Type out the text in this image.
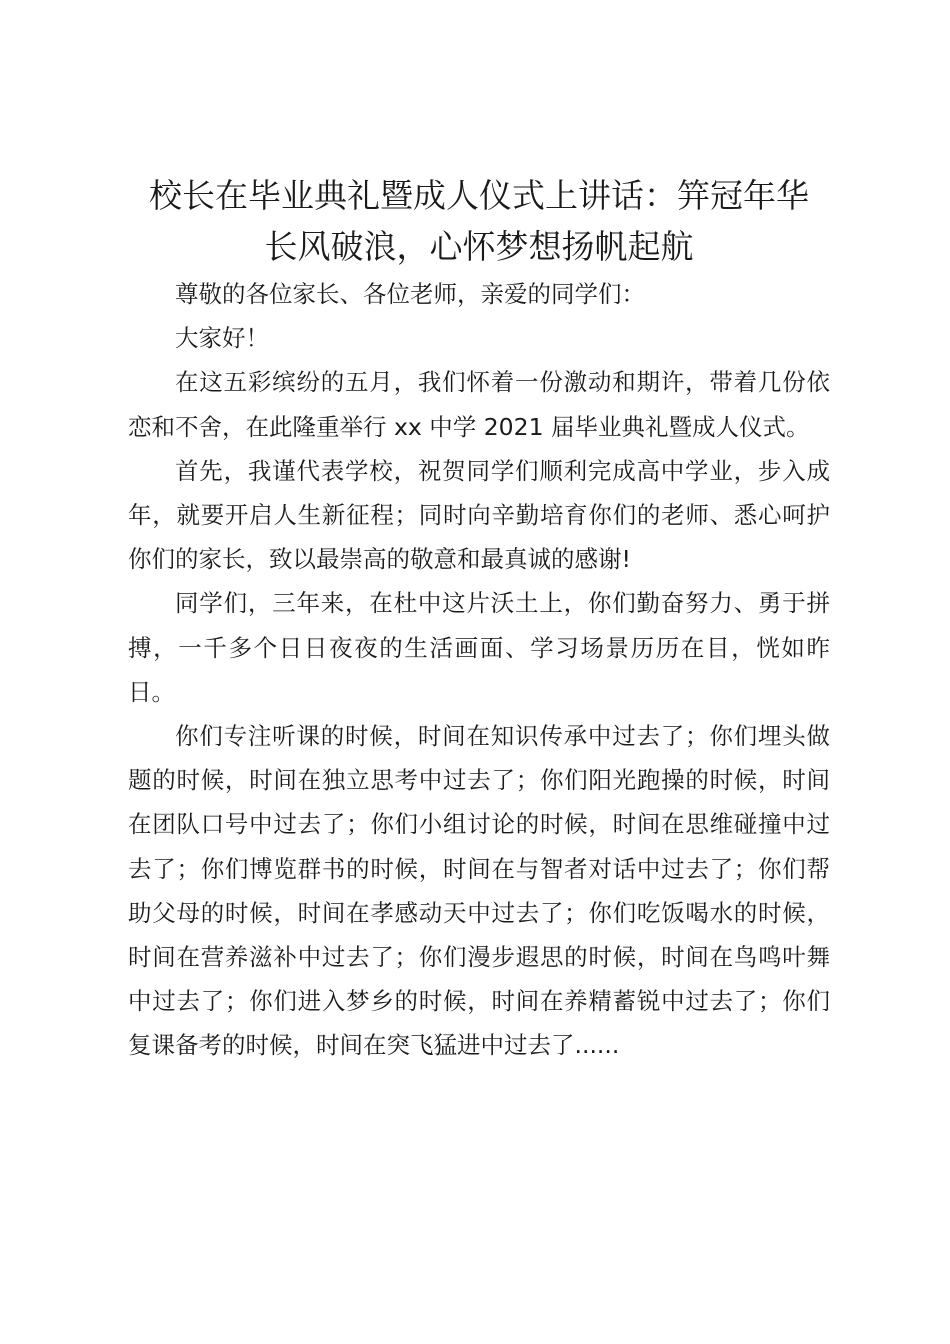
校长在毕业典礼暨成人仪式上讲话：笄冠年华
长风破浪，心怀梦想扬帆起航

尊敬的各位家长、各位老师，亲爱的同学们：

大家好！

在这五彩缤纷的五月，我们怀着一份激动和期许，带着几份依恋和不舍，在此隆重举行 xx 中学 2021 届毕业典礼暨成人仪式。

首先，我谨代表学校，祝贺同学们顺利完成高中学业，步入成年，就要开启人生新征程；同时向辛勤培育你们的老师、悉心呵护你们的家长，致以最崇高的敬意和最真诚的感谢!

同学们，三年来，在杜中这片沃土上，你们勤奋努力、勇于拼搏，一千多个日日夜夜的生活画面、学习场景历历在目，恍如昨日。

你们专注听课的时候，时间在知识传承中过去了；你们埋头做题的时候，时间在独立思考中过去了；你们阳光跑操的时候，时间在团队口号中过去了；你们小组讨论的时候，时间在思维碰撞中过去了；你们博览群书的时候，时间在与智者对话中过去了；你们帮助父母的时候，时间在孝感动天中过去了；你们吃饭喝水的时候，时间在营养滋补中过去了；你们漫步遐思的时候，时间在鸟鸣叶舞中过去了；你们进入梦乡的时候，时间在养精蓄锐中过去了；你们复课备考的时候，时间在突飞猛进中过去了......
